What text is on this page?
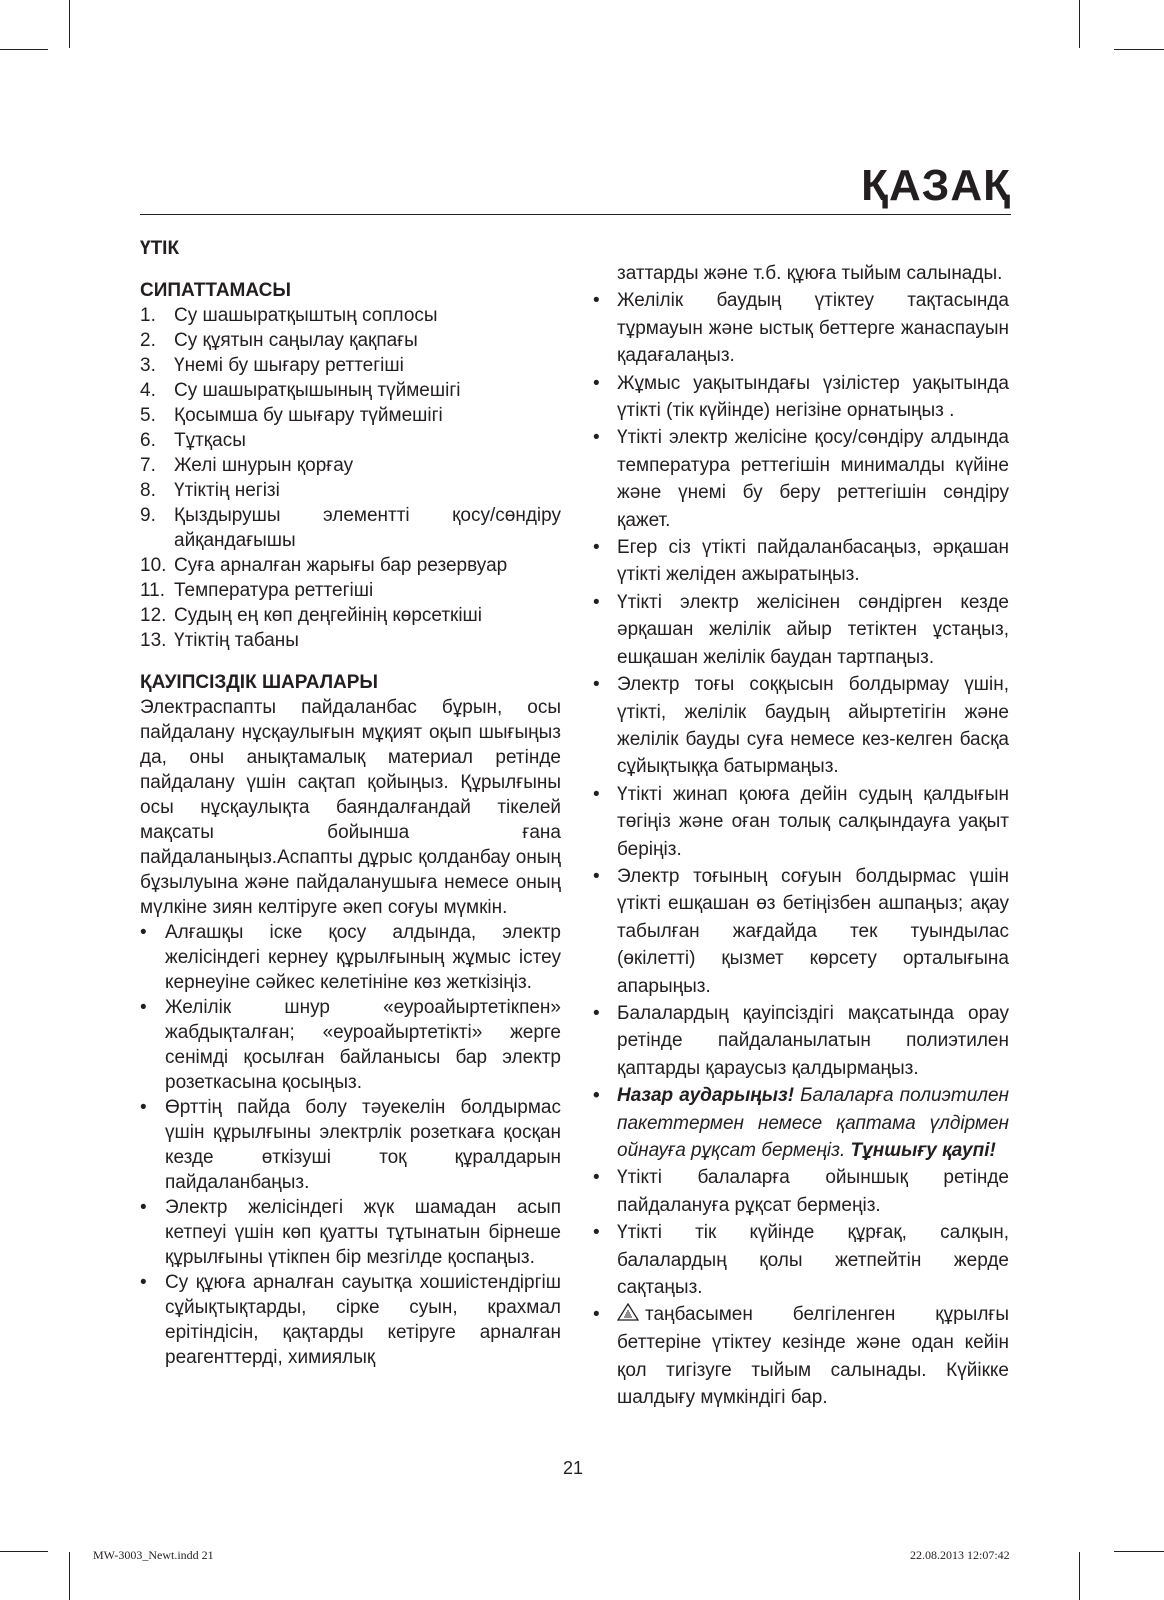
ҚАЗАҚ

ҮТІК

СИПАТТАМАСЫ

1. Су шашыратқыштың соплосы
2. Су құятын саңылау қақпағы
3. Үнемі бу шығару реттегіші
4. Су шашыратқышының түймешігі
5. Қосымша бу шығару түймешігі
6. Тұтқасы
7. Желі шнурын қорғау
8. Үтіктің негізі
9. Қыздырушы элементті қосу/сөндіру айқандағышы
10. Суға арналған жарығы бар резервуар
11. Температура реттегіші
12. Судың ең көп деңгейінің көрсеткіші
13. Үтіктің табаны

ҚАУІПСІЗДІК ШАРАЛАРЫ

Электраспапты пайдаланбас бұрын, осы пайдалану нұсқаулығын мұқият оқып шығыңыз да, оны анықтамалық материал ретінде пайдалану үшін сақтап қойыңыз. Құрылғыны осы нұсқаулықта баяндалғандай тікелей мақсаты бойынша ғана пайдаланыңыз.Аспапты дұрыс қолданбау оның бұзылуына және пайдаланушыға немесе оның мүлкіне зиян келтіруге әкеп соғуы мүмкін.

• Алғашқы іске қосу алдында, электр желісіндегі кернеу құрылғының жұмыс істеу кернеуіне сәйкес келетініне көз жеткізіңіз.
• Желілік шнур «еуроайыртетікпен» жабдықталған; «еуроайыртетікті» жерге сенімді қосылған байланысы бар электр розеткасына қосыңыз.
• Өрттің пайда болу тәуекелін болдырмас үшін құрылғыны электрлік розеткаға қосқан кезде өткізуші тоқ құралдарын пайдаланбаңыз.
• Электр желісіндегі жүк шамадан асып кетпеуі үшін көп қуатты тұтынатын бірнеше құрылғыны үтікпен бір мезгілде қоспаңыз.
• Су құюға арналған сауытқа хошиістендіргіш сұйықтықтарды, сірке суын, крахмал ерітіндісін, қақтарды кетіруге арналған реагенттерді, химиялық

заттарды және т.б. құюға тыйым салынады.

• Желілік баудың үтіктеу тақтасында тұрмауын және ыстық беттерге жанаспауын қадағалаңыз.
• Жұмыс уақытындағы үзілістер уақытында үтікті (тік күйінде) негізіне орнатыңыз .
• Үтікті электр желісіне қосу/сөндіру алдында температура реттегішін минималды күйіне және үнемі бу беру реттегішін сөндіру қажет.
• Егер сіз үтікті пайдаланбасаңыз, әрқашан үтікті желіден ажыратыңыз.
• Үтікті электр желісінен сөндірген кезде әрқашан желілік айыр тетіктен ұстаңыз, ешқашан желілік баудан тартпаңыз.
• Электр тоғы соққысын болдырмау үшін, үтікті, желілік баудың айыртетігін және желілік бауды суға немесе кез-келген басқа сұйықтыққа батырмаңыз.
• Үтікті жинап қоюға дейін судың қалдығын төгіңіз және оған толық салқындауға уақыт беріңіз.
• Электр тоғының соғуын болдырмас үшін үтікті ешқашан өз бетіңізбен ашпаңыз; ақау табылған жағдайда тек туындылас (өкілетті) қызмет көрсету орталығына апарыңыз.
• Балалардың қауіпсіздігі мақсатында орау ретінде пайдаланылатын полиэтилен қаптарды қараусыз қалдырмаңыз.
• Назар аударыңыз! Балаларға полиэтилен пакеттермен немесе қаптама үлдірмен ойнауға рұқсат бермеңіз. Тұншығу қаупі!
• Үтікті балаларға ойыншық ретінде пайдалануға рұқсат бермеңіз.
• Үтікті тік күйінде құрғақ, салқын, балалардың қолы жетпейтін жерде сақтаңыз.
•	таңбасымен белгіленген құрылғы беттеріне үтіктеу кезінде және одан кейін қол тигізуге тыйым салынады. Күйікке шалдығу мүмкіндігі бар.
21
MW-3003_Newt.indd 21	22.08.2013 12:07:42
